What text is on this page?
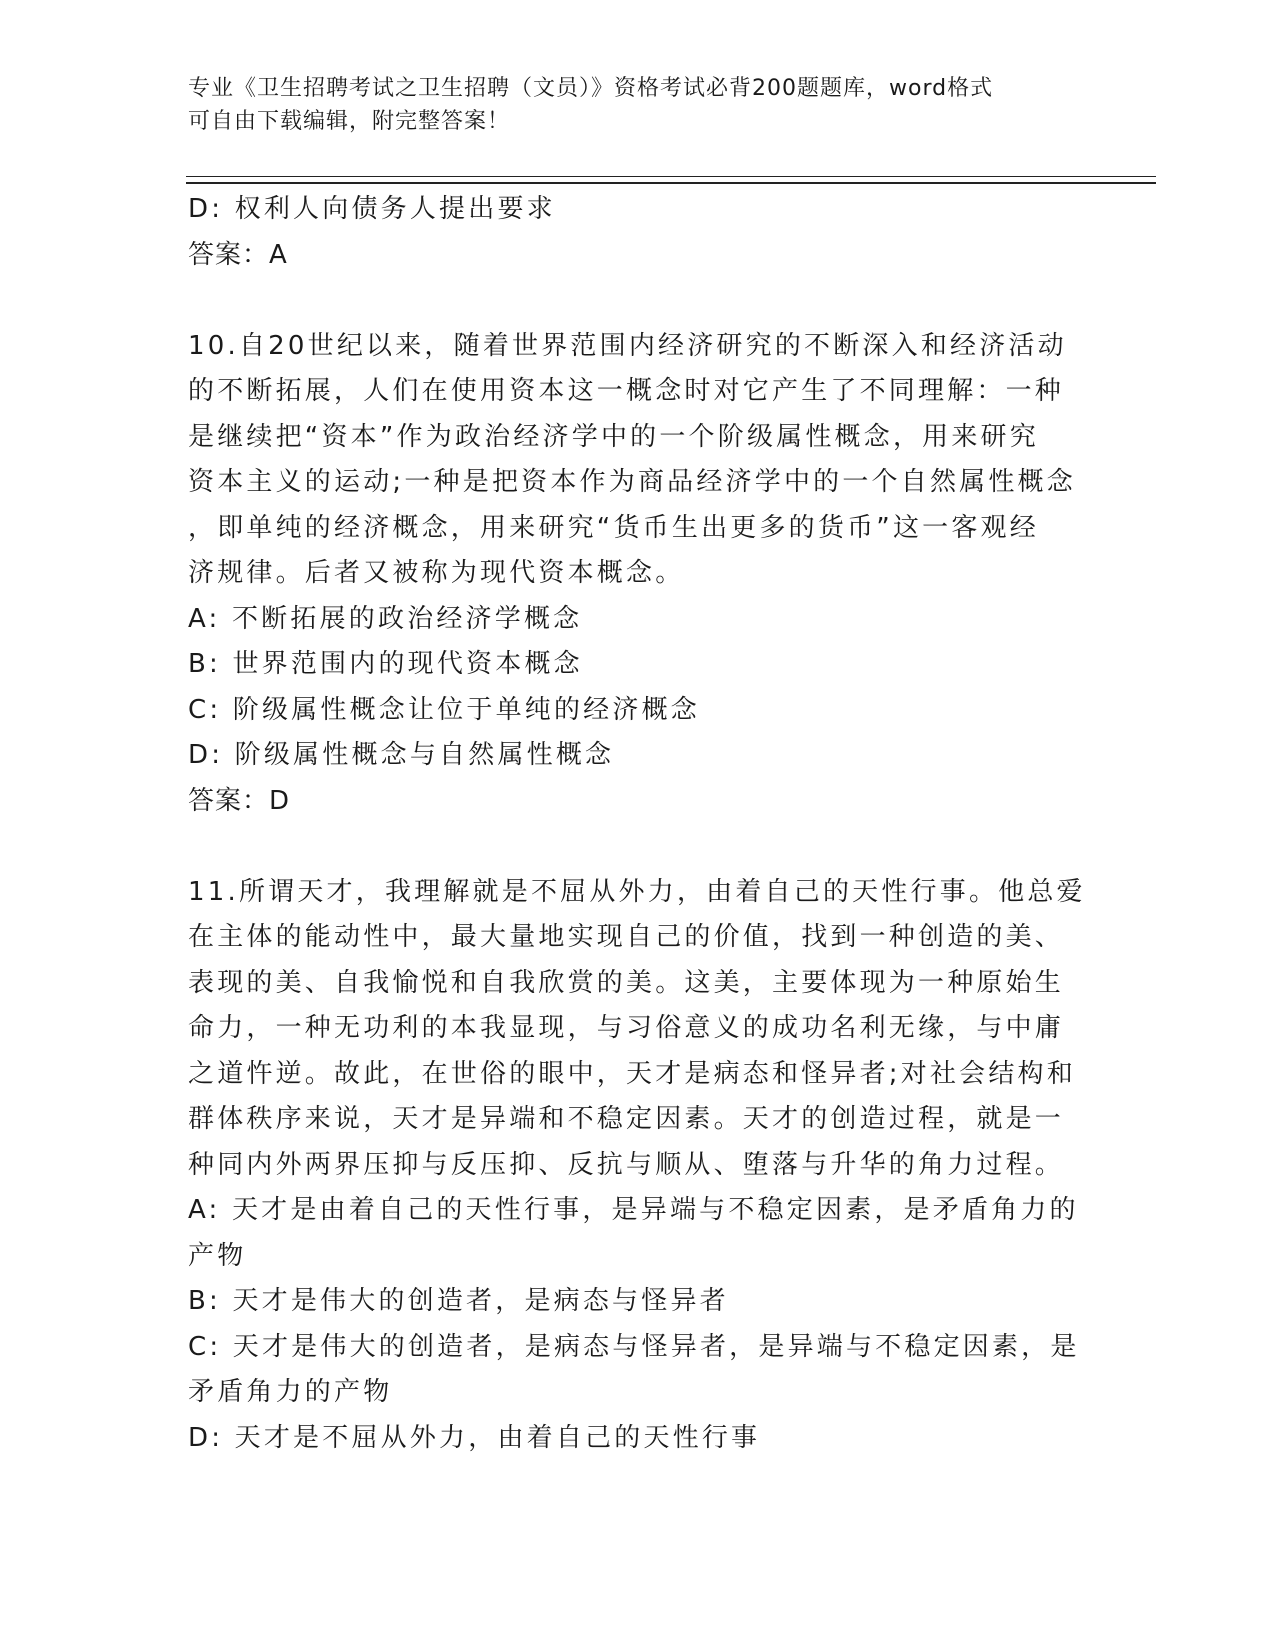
专业《卫生招聘考试之卫生招聘（文员）》资格考试必背200题题库，word格式
可自由下载编辑，附完整答案！
D: 权利人向债务人提出要求
答案：A
10.自20世纪以来，随着世界范围内经济研究的不断深入和经济活动
的不断拓展，人们在使用资本这一概念时对它产生了不同理解：一种
是继续把“资本”作为政治经济学中的一个阶级属性概念，用来研究
资本主义的运动;一种是把资本作为商品经济学中的一个自然属性概念
，即单纯的经济概念，用来研究“货币生出更多的货币”这一客观经
济规律。后者又被称为现代资本概念。
A: 不断拓展的政治经济学概念
B: 世界范围内的现代资本概念
C: 阶级属性概念让位于单纯的经济概念
D: 阶级属性概念与自然属性概念
答案：D
11.所谓天才，我理解就是不屈从外力，由着自己的天性行事。他总爱
在主体的能动性中，最大量地实现自己的价值，找到一种创造的美、
表现的美、自我愉悦和自我欣赏的美。这美，主要体现为一种原始生
命力，一种无功利的本我显现，与习俗意义的成功名利无缘，与中庸
之道忤逆。故此，在世俗的眼中，天才是病态和怪异者;对社会结构和
群体秩序来说，天才是异端和不稳定因素。天才的创造过程，就是一
种同内外两界压抑与反压抑、反抗与顺从、堕落与升华的角力过程。
A: 天才是由着自己的天性行事，是异端与不稳定因素，是矛盾角力的
产物
B: 天才是伟大的创造者，是病态与怪异者
C: 天才是伟大的创造者，是病态与怪异者，是异端与不稳定因素，是
矛盾角力的产物
D: 天才是不屈从外力，由着自己的天性行事
